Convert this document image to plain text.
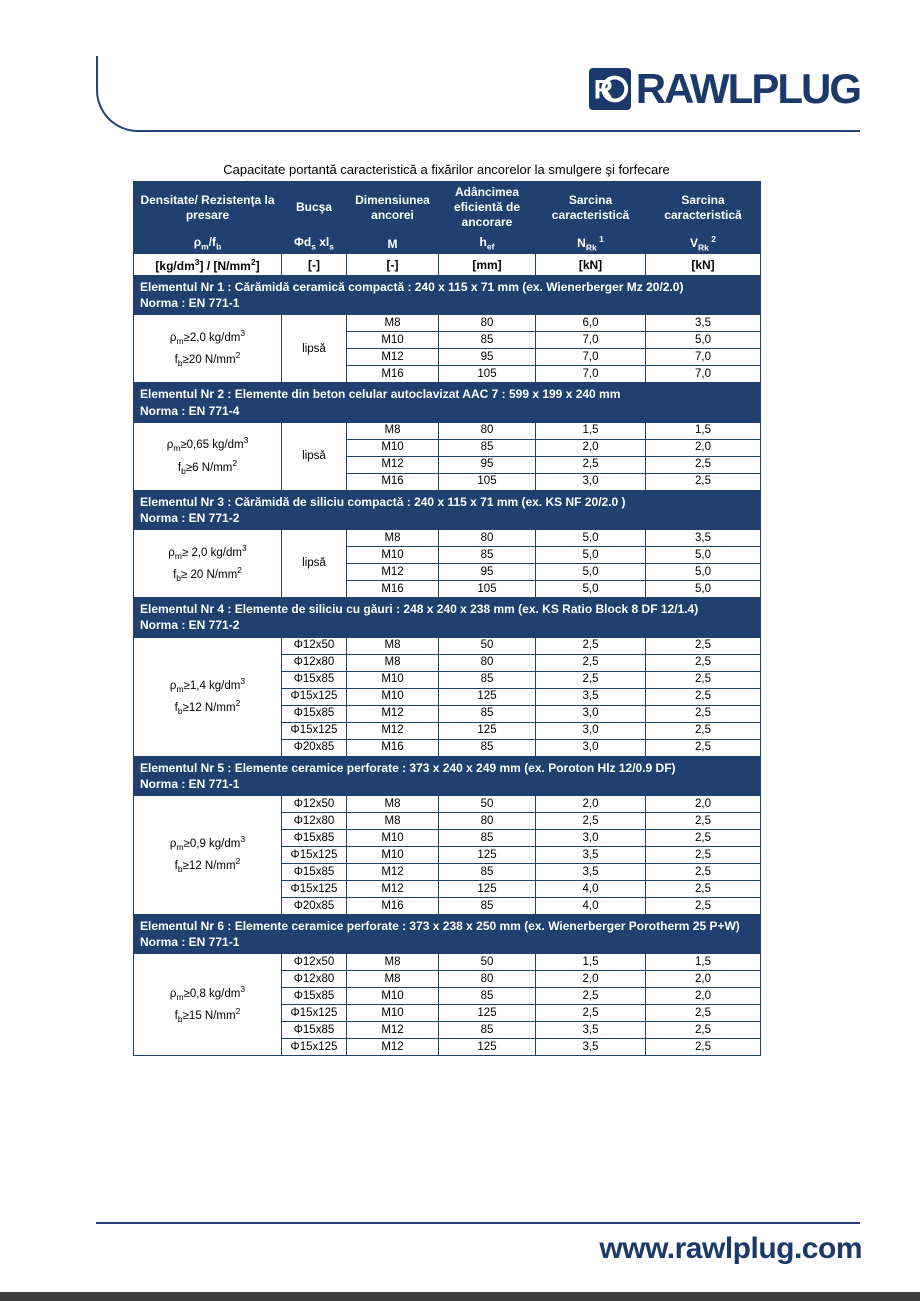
R RAWLPLUG
Capacitate portantă caracteristică a fixărilor ancorelor la smulgere şi forfecare
Densitate/ Rezistenţa la presare	Bucşa	Dimensiunea ancorei	Adâncimea eficientă de ancorare	Sarcina caracteristică	Sarcina caracteristică
$\rho_m/f_b$	$\Phi d_s$ $xl_s$	M	$h_{ef}$	$N_{Rk}$ $^1$	$V_{Rk}$ $^2$
$[kg/dm^3] / [N/mm^2]$	[-]	[-]	[mm]	[kN]	[kN]

Elementul Nr 1 : Cărămidă ceramică compactă : 240 x 115 x 71 mm (ex. Wienerberger Mz 20/2.0)
Norma : EN 771-1					

$\rho_m\ge 2,0$ $kg/dm^3$
$f_b\ge 20$ $N/mm^2$	lipsă	M8	80	6,0	3,5
		M10	85	7,0	5,0
		M12	95	7,0	7,0
		M16	105	7,0	7,0

Elementul Nr 2 : Elemente din beton celular autoclavizat AAC 7 : 599 x 199 x 240 mm
Norma : EN 771-4					

$\rho_m\ge 0,65$ $kg/dm^3$
$f_b\ge 6$ $N/mm^2$	lipsă	M8	80	1,5	1,5
		M10	85	2,0	2,0
		M12	95	2,5	2,5
		M16	105	3,0	2,5

Elementul Nr 3 : Cărămidă de siliciu compactă : 240 x 115 x 71 mm (ex. KS NF 20/2.0 )
Norma : EN 771-2					

$\rho_m\ge 2,0$ $kg/dm^3$
$f_b\ge 20$ $N/mm^2$	lipsă	M8	80	5,0	3,5
		M10	85	5,0	5,0
		M12	95	5,0	5,0
		M16	105	5,0	5,0

Elementul Nr 4 : Elemente de siliciu cu găuri : 248 x 240 x 238 mm (ex. KS Ratio Block 8 DF 12/1.4)
Norma : EN 771-2					

$\rho_m\ge 1,4$ $kg/dm^3$
$f_b\ge 12$ $N/mm^2$	Φ12x50	M8	50	2,5	2,5
	Φ12x80	M8	80	2,5	2,5
	Φ15x85	M10	85	2,5	2,5
	Φ15x125	M10	125	3,5	2,5
	Φ15x85	M12	85	3,0	2,5
	Φ15x125	M12	125	3,0	2,5
	Φ20x85	M16	85	3,0	2,5

Elementul Nr 5 : Elemente ceramice perforate : 373 x 240 x 249 mm (ex. Poroton Hlz 12/0.9 DF)
Norma : EN 771-1					

$\rho_m\ge 0,9$ $kg/dm^3$
$f_b\ge 12$ $N/mm^2$	Φ12x50	M8	50	2,0	2,0
	Φ12x80	M8	80	2,5	2,5
	Φ15x85	M10	85	3,0	2,5
	Φ15x125	M10	125	3,5	2,5
	Φ15x85	M12	85	3,5	2,5
	Φ15x125	M12	125	4,0	2,5
	Φ20x85	M16	85	4,0	2,5

Elementul Nr 6 : Elemente ceramice perforate : 373 x 238 x 250 mm (ex. Wienerberger Porotherm 25 P+W)
Norma : EN 771-1					

$\rho_m\ge 0,8$ $kg/dm^3$
$f_b\ge 15$ $N/mm^2$	Φ12x50	M8	50	1,5	1,5
	Φ12x80	M8	80	2,0	2,0
	Φ15x85	M10	85	2,5	2,0
	Φ15x125	M10	125	2,5	2,5
	Φ15x85	M12	85	3,5	2,5
	Φ15x125	M12	125	3,5	2,5
www.rawlplug.com
